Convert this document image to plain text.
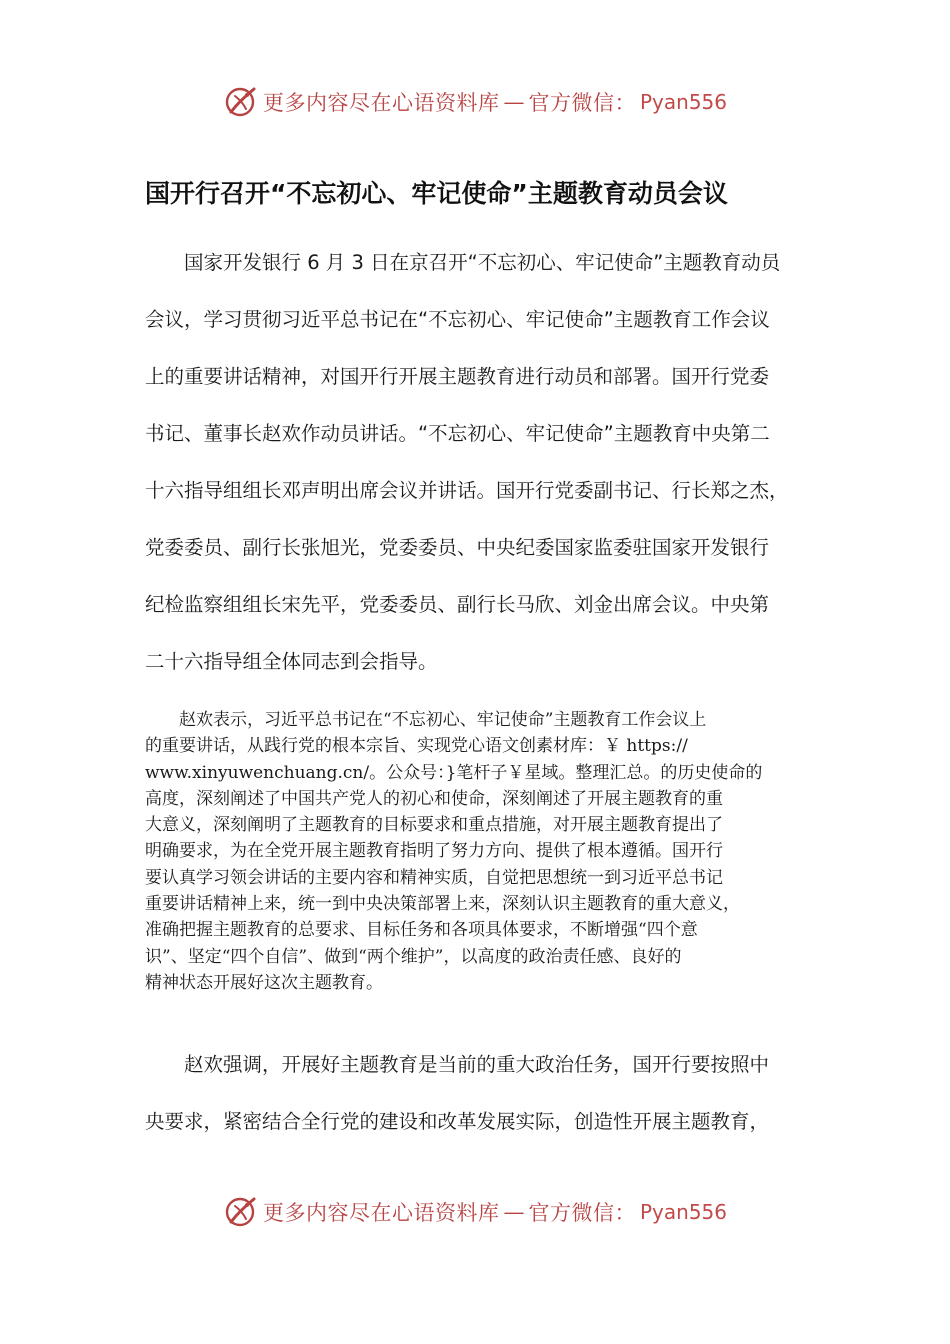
更多内容尽在心语资料库 — 官方微信： Pyan556
国开行召开“不忘初心、牢记使命”主题教育动员会议
　　国家开发银行 6 月 3 日在京召开“不忘初心、牢记使命”主题教育动员
会议，学习贯彻习近平总书记在“不忘初心、牢记使命”主题教育工作会议
上的重要讲话精神，对国开行开展主题教育进行动员和部署。国开行党委
书记、董事长赵欢作动员讲话。“不忘初心、牢记使命”主题教育中央第二
十六指导组组长邓声明出席会议并讲话。国开行党委副书记、行长郑之杰，
党委委员、副行长张旭光，党委委员、中央纪委国家监委驻国家开发银行
纪检监察组组长宋先平，党委委员、副行长马欣、刘金出席会议。中央第
二十六指导组全体同志到会指导。
　　赵欢表示，习近平总书记在“不忘初心、牢记使命”主题教育工作会议上
的重要讲话，从践行党的根本宗旨、实现党心语文创素材库：￥ https://
www.xinyuwenchuang.cn/。公众号：}笔杆子￥星域。整理汇总。的历史使命的
高度，深刻阐述了中国共产党人的初心和使命，深刻阐述了开展主题教育的重
大意义，深刻阐明了主题教育的目标要求和重点措施，对开展主题教育提出了
明确要求，为在全党开展主题教育指明了努力方向、提供了根本遵循。国开行
要认真学习领会讲话的主要内容和精神实质，自觉把思想统一到习近平总书记
重要讲话精神上来，统一到中央决策部署上来，深刻认识主题教育的重大意义，
准确把握主题教育的总要求、目标任务和各项具体要求，不断增强“四个意
识”、坚定“四个自信”、做到“两个维护”，以高度的政治责任感、良好的
精神状态开展好这次主题教育。
　　赵欢强调，开展好主题教育是当前的重大政治任务，国开行要按照中
央要求，紧密结合全行党的建设和改革发展实际，创造性开展主题教育，
更多内容尽在心语资料库 — 官方微信： Pyan556
